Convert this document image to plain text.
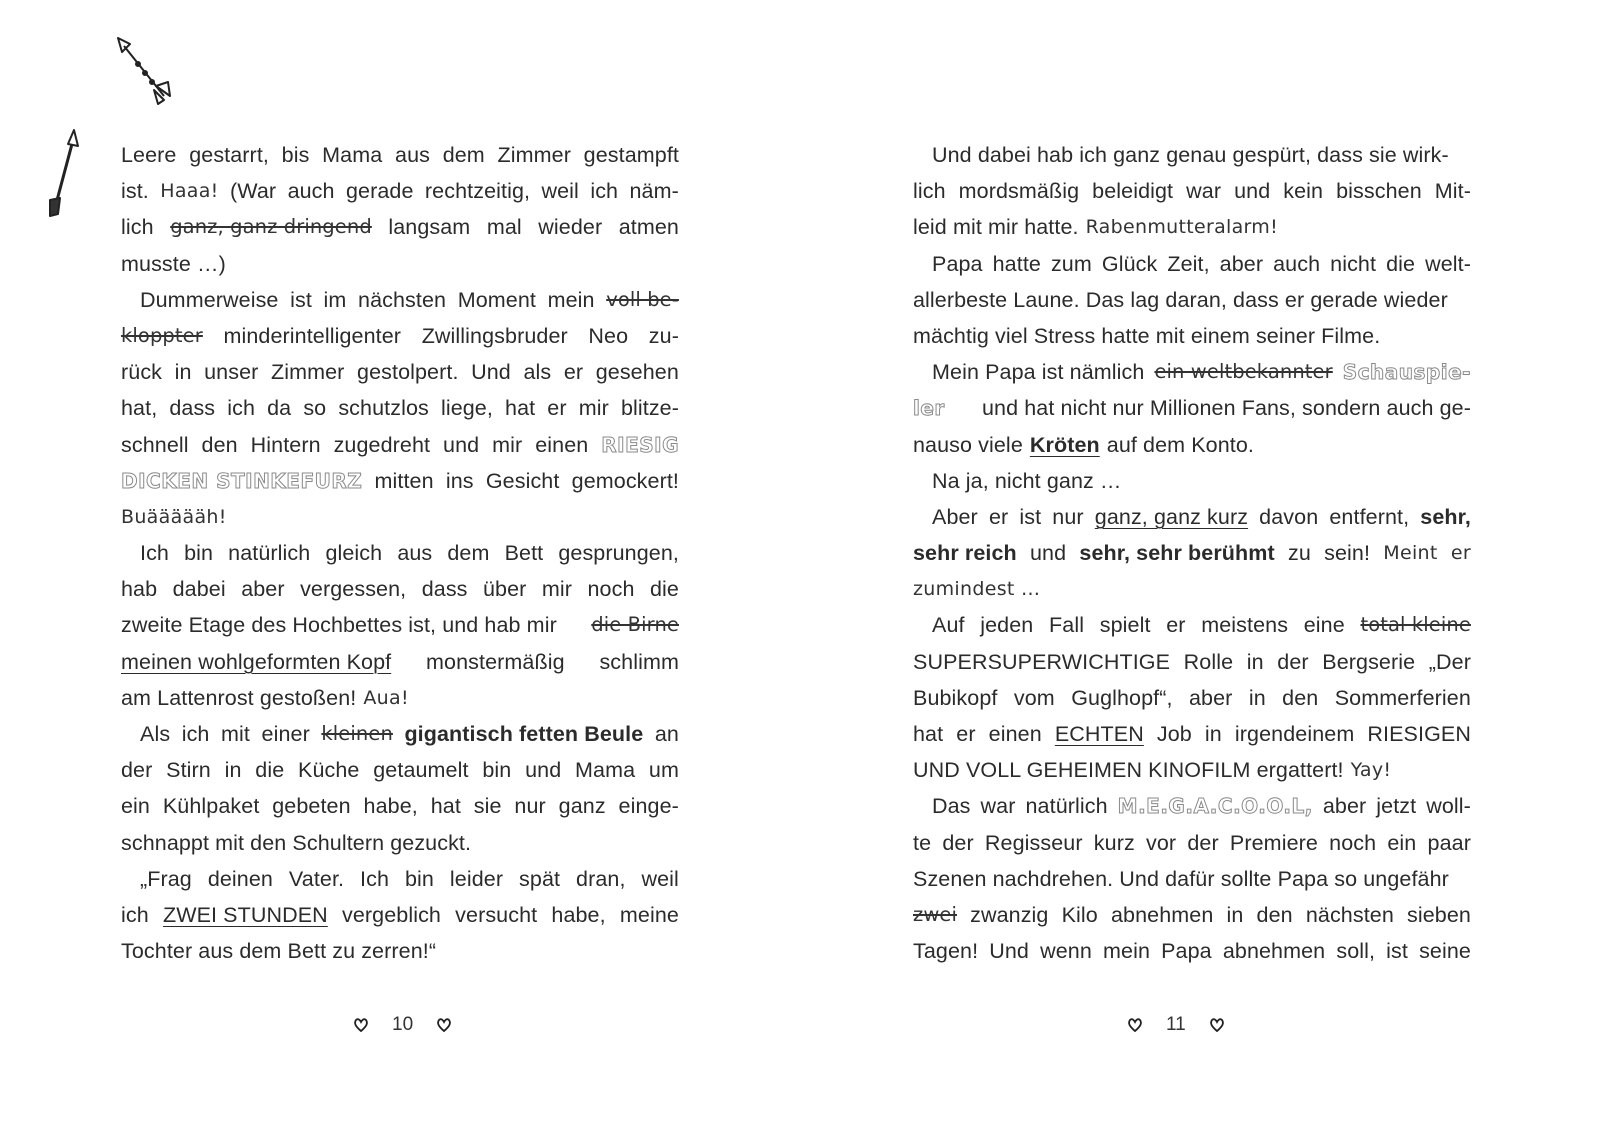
Leere gestarrt, bis Mama aus dem Zimmer gestampft
ist. Haaa! (War auch gerade rechtzeitig, weil ich näm-
lich ganz, ganz dringend langsam mal wieder atmen
musste …)
Dummerweise ist im nächsten Moment mein voll be-
kloppter minderintelligenter Zwillingsbruder Neo zu-
rück in unser Zimmer gestolpert. Und als er gesehen
hat, dass ich da so schutzlos liege, hat er mir blitze-
schnell den Hintern zugedreht und mir einen RIESIG
DICKEN STINKEFURZ mitten ins Gesicht gemockert!
Buäääääh!
Ich bin natürlich gleich aus dem Bett gesprungen,
hab dabei aber vergessen, dass über mir noch die
zweite Etage des Hochbettes ist, und hab mir die Birne
meinen wohlgeformten Kopf monstermäßig schlimm
am Lattenrost gestoßen! Aua!
Als ich mit einer kleinen gigantisch fetten Beule an
der Stirn in die Küche getaumelt bin und Mama um
ein Kühlpaket gebeten habe, hat sie nur ganz einge-
schnappt mit den Schultern gezuckt.
„Frag deinen Vater. Ich bin leider spät dran, weil
ich ZWEI STUNDEN vergeblich versucht habe, meine
Tochter aus dem Bett zu zerren!“
Und dabei hab ich ganz genau gespürt, dass sie wirk-
lich mordsmäßig beleidigt war und kein bisschen Mit-
leid mit mir hatte. Rabenmutteralarm!
Papa hatte zum Glück Zeit, aber auch nicht die welt-
allerbeste Laune. Das lag daran, dass er gerade wieder
mächtig viel Stress hatte mit einem seiner Filme.
Mein Papa ist nämlich ein weltbekannter Schauspie-
ler und hat nicht nur Millionen Fans, sondern auch ge-
nauso viele Kröten auf dem Konto.
Na ja, nicht ganz …
Aber er ist nur ganz, ganz kurz davon entfernt, sehr,
sehr reich und sehr, sehr berühmt zu sein! Meint er
zumindest …
Auf jeden Fall spielt er meistens eine total kleine
SUPERSUPERWICHTIGE Rolle in der Bergserie „Der
Bubikopf vom Guglhopf“, aber in den Sommerferien
hat er einen ECHTEN Job in irgendeinem RIESIGEN
UND VOLL GEHEIMEN KINOFILM ergattert! Yay!
Das war natürlich M.E.G.A.C.O.O.L, aber jetzt woll-
te der Regisseur kurz vor der Premiere noch ein paar
Szenen nachdrehen. Und dafür sollte Papa so ungefähr
zwei zwanzig Kilo abnehmen in den nächsten sieben
Tagen! Und wenn mein Papa abnehmen soll, ist seine
10	11
